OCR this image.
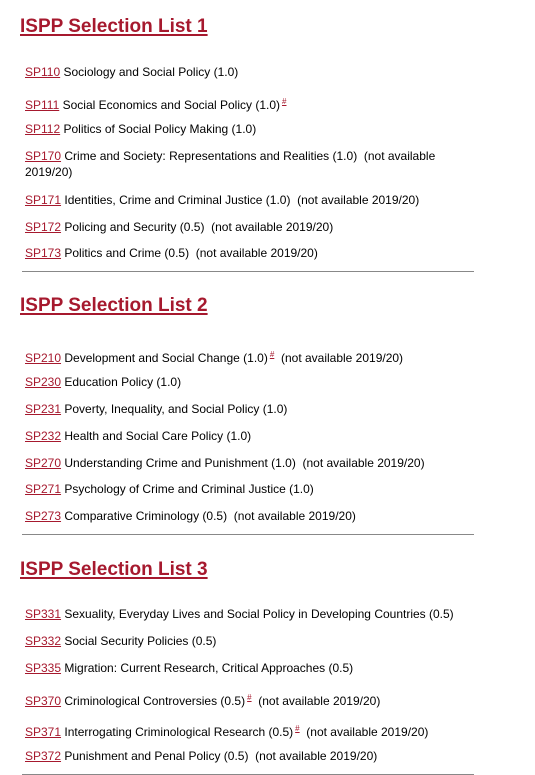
ISPP Selection List 1
SP110 Sociology and Social Policy (1.0)
SP111 Social Economics and Social Policy (1.0) #
SP112 Politics of Social Policy Making (1.0)
SP170 Crime and Society: Representations and Realities (1.0) (not available 2019/20)
SP171 Identities, Crime and Criminal Justice (1.0) (not available 2019/20)
SP172 Policing and Security (0.5) (not available 2019/20)
SP173 Politics and Crime (0.5) (not available 2019/20)
ISPP Selection List 2
SP210 Development and Social Change (1.0) # (not available 2019/20)
SP230 Education Policy (1.0)
SP231 Poverty, Inequality, and Social Policy (1.0)
SP232 Health and Social Care Policy (1.0)
SP270 Understanding Crime and Punishment (1.0) (not available 2019/20)
SP271 Psychology of Crime and Criminal Justice (1.0)
SP273 Comparative Criminology (0.5) (not available 2019/20)
ISPP Selection List 3
SP331 Sexuality, Everyday Lives and Social Policy in Developing Countries (0.5)
SP332 Social Security Policies (0.5)
SP335 Migration: Current Research, Critical Approaches (0.5)
SP370 Criminological Controversies (0.5) # (not available 2019/20)
SP371 Interrogating Criminological Research (0.5) # (not available 2019/20)
SP372 Punishment and Penal Policy (0.5) (not available 2019/20)
